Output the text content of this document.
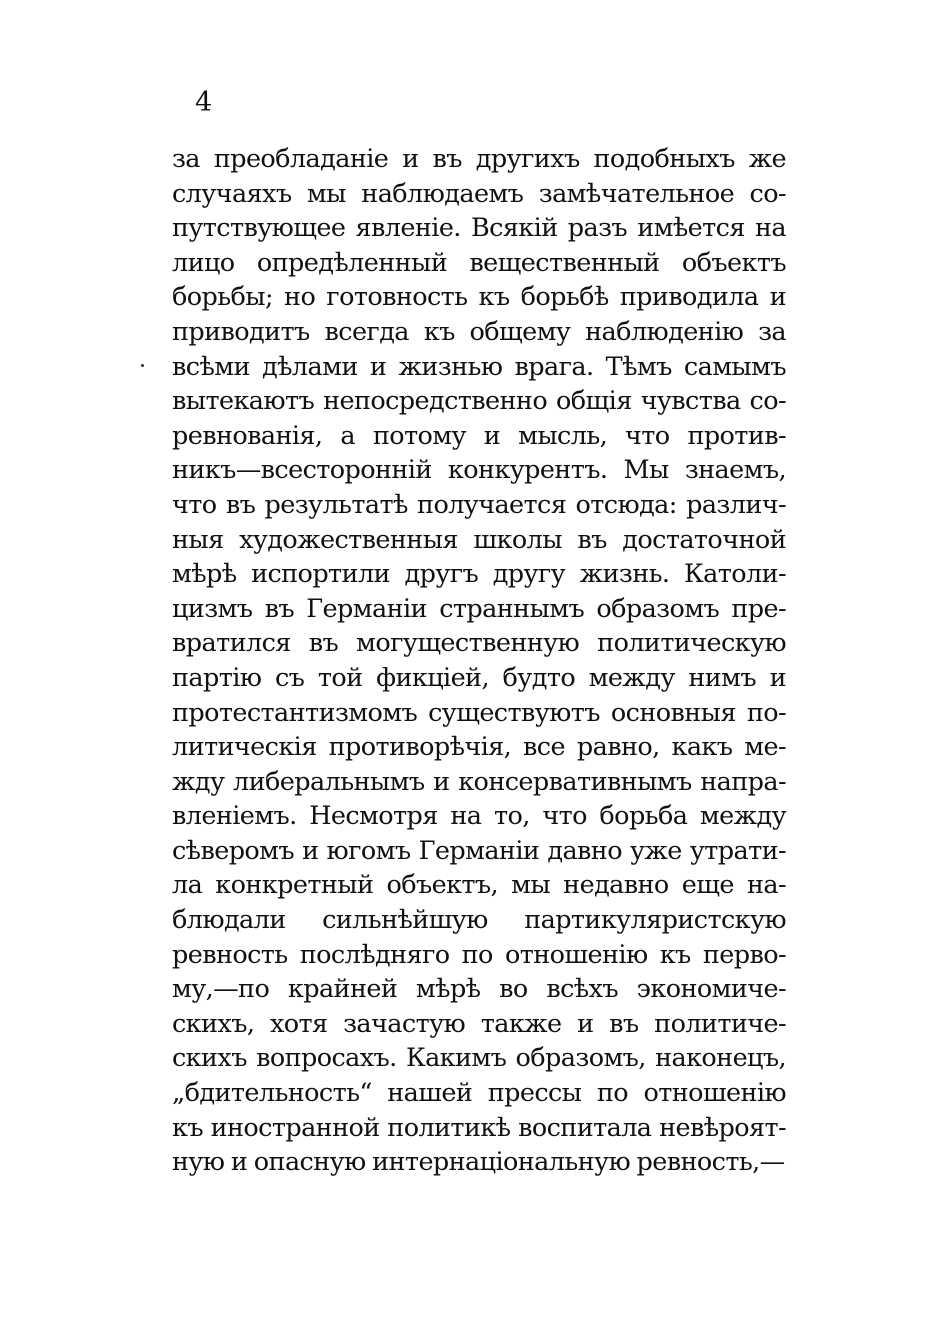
4
за преобладаніе и въ другихъ подобныхъ же
случаяхъ мы наблюдаемъ замѣчательное со-
путствующее явленіе. Всякій разъ имѣется на
лицо опредѣленный вещественный объектъ
борьбы; но готовность къ борьбѣ приводила и
приводитъ всегда къ общему наблюденію за
всѣми дѣлами и жизнью врага. Тѣмъ самымъ
вытекаютъ непосредственно общія чувства со-
ревнованія, а потому и мысль, что против-
никъ—всесторонній конкурентъ. Мы знаемъ,
что въ результатѣ получается отсюда: различ-
ныя художественныя школы въ достаточной
мѣрѣ испортили другъ другу жизнь. Католи-
цизмъ въ Германіи страннымъ образомъ пре-
вратился въ могущественную политическую
партію съ той фикціей, будто между нимъ и
протестантизмомъ существуютъ основныя по-
литическія противорѣчія, все равно, какъ ме-
жду либеральнымъ и консервативнымъ напра-
вленіемъ. Несмотря на то, что борьба между
сѣверомъ и югомъ Германіи давно уже утрати-
ла конкретный объектъ, мы недавно еще на-
блюдали сильнѣйшую партикуляристскую
ревность послѣдняго по отношенію къ перво-
му,—по крайней мѣрѣ во всѣхъ экономиче-
скихъ, хотя зачастую также и въ политиче-
скихъ вопросахъ. Какимъ образомъ, наконецъ,
„бдительность“ нашей прессы по отношенію
къ иностранной политикѣ воспитала невѣроят-
ную и опасную интернаціональную ревность,—
